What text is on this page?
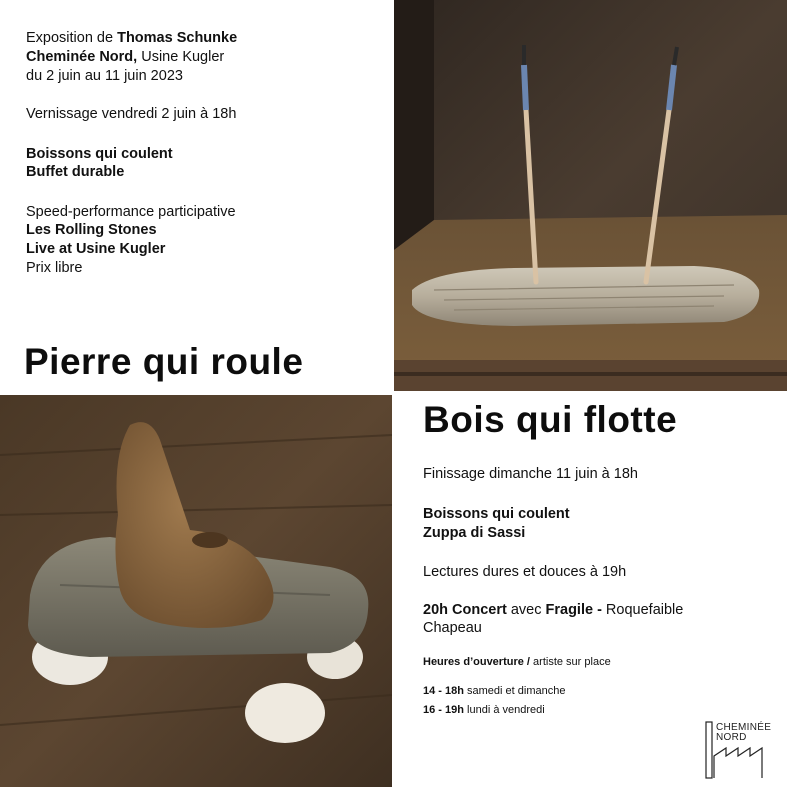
Exposition de Thomas Schunke
Cheminée Nord, Usine Kugler
du 2 juin au 11 juin 2023
Vernissage vendredi 2 juin à 18h
Boissons qui coulent
Buffet durable
Speed-performance participative
Les Rolling Stones
Live at Usine Kugler
Prix libre
Pierre qui roule
Bois qui flotte
Finissage dimanche 11 juin à 18h
Boissons qui coulent
Zuppa di Sassi
Lectures dures et douces à 19h
20h Concert avec Fragile - Roquefaible
Chapeau
Heures d’ouverture / artiste sur place
14 - 18h samedi et dimanche
16 - 19h lundi à vendredi
CHEMINÉE
NORD
